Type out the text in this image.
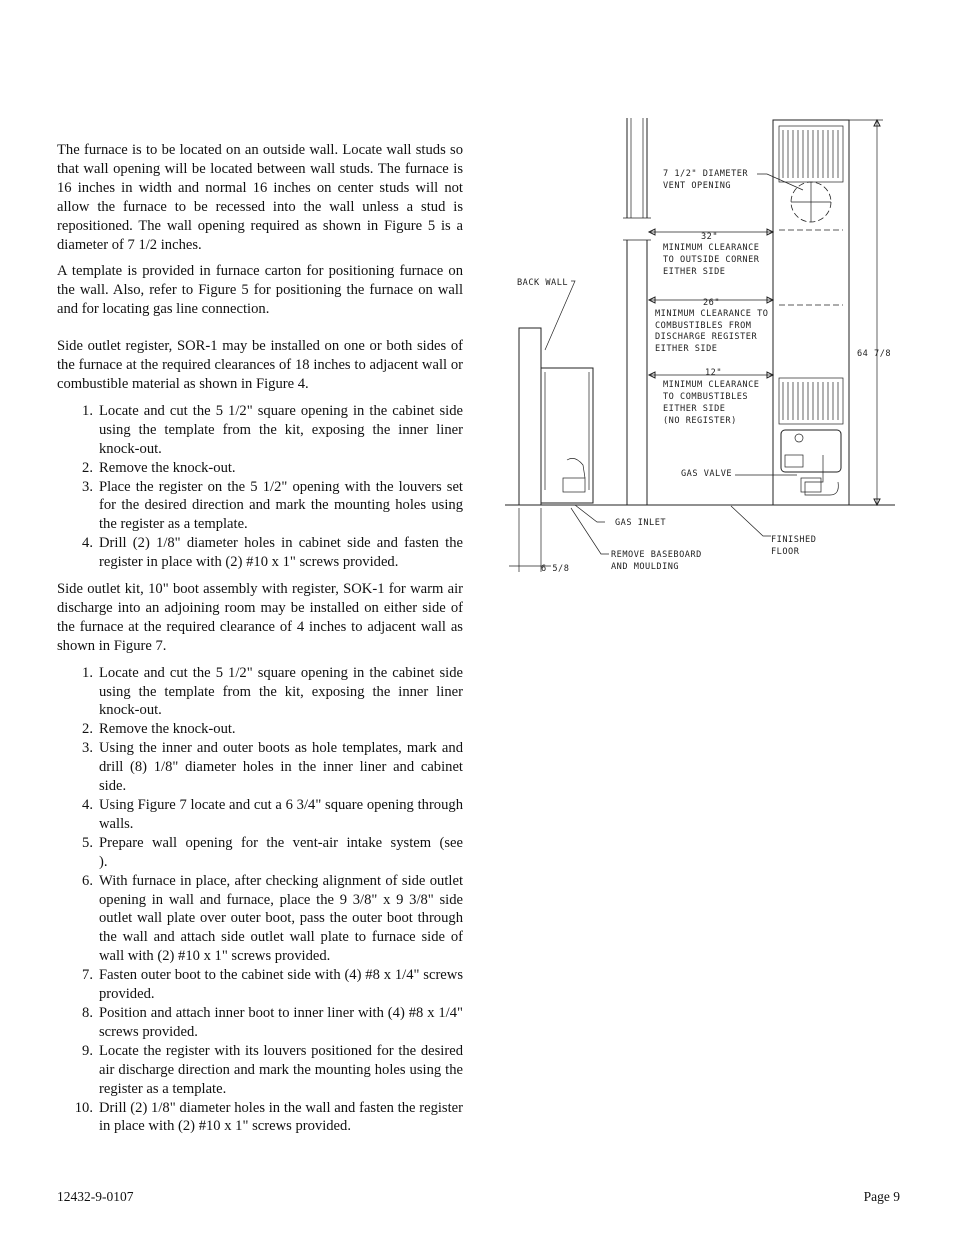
The furnace is to be located on an outside wall. Locate wall studs so that wall opening will be located between wall studs. The furnace is 16 inches in width and normal 16 inches on center studs will not allow the furnace to be recessed into the wall unless a stud is repositioned. The wall opening required as shown in Figure 5 is a diameter of 7 1/2 inches.

A template is provided in furnace carton for positioning furnace on the wall. Also, refer to Figure 5 for positioning the furnace on wall and for locating gas line connection.

Side outlet register, SOR-1 may be installed on one or both sides of the furnace at the required clearances of 18 inches to adjacent wall or combustible material as shown in Figure 4.

1. Locate and cut the 5 1/2" square opening in the cabinet side using the template from the kit, exposing the inner liner knock-out.
2. Remove the knock-out.
3. Place the register on the 5 1/2" opening with the louvers set for the desired direction and mark the mounting holes using the register as a template.
4. Drill (2) 1/8" diameter holes in cabinet side and fasten the register in place with (2) #10 x 1" screws provided.

Side outlet kit, 10" boot assembly with register, SOK-1 for warm air discharge into an adjoining room may be installed on either side of the furnace at the required clearance of 4 inches to adjacent wall as shown in Figure 7.

1. Locate and cut the 5 1/2" square opening in the cabinet side using the template from the kit, exposing the inner liner knock-out.
2. Remove the knock-out.
3. Using the inner and outer boots as hole templates, mark and drill (8) 1/8" diameter holes in the inner liner and cabinet side.
4. Using Figure 7 locate and cut a 6 3/4" square opening through walls.
5. Prepare wall opening for the vent-air intake system (see                          ).
6. With furnace in place, after checking alignment of side outlet opening in wall and furnace, place the 9 3/8" x 9 3/8" side outlet wall plate over outer boot, pass the outer boot through the wall and attach side outlet wall plate to furnace side of wall with (2) #10 x 1" screws provided.
7. Fasten outer boot to the cabinet side with (4) #8 x 1/4" screws provided.
8. Position and attach inner boot to inner liner with (4) #8 x 1/4" screws provided.
9. Locate the register with its louvers positioned for the desired air discharge direction and mark the mounting holes using the register as a template.
10. Drill (2) 1/8" diameter holes in the wall and fasten the register in place with (2) #10 x 1" screws provided.
7 1/2" DIAMETER
VENT OPENING
32"
MINIMUM CLEARANCE
TO OUTSIDE CORNER
EITHER SIDE
26"
MINIMUM CLEARANCE TO
COMBUSTIBLES FROM
DISCHARGE REGISTER
EITHER SIDE
12"
MINIMUM CLEARANCE
TO COMBUSTIBLES
EITHER SIDE
(NO REGISTER)
BACK WALL
64 7/8
GAS VALVE
GAS INLET
FINISHED
FLOOR
REMOVE BASEBOARD
AND MOULDING
6 5/8
12432-9-0107	Page 9
